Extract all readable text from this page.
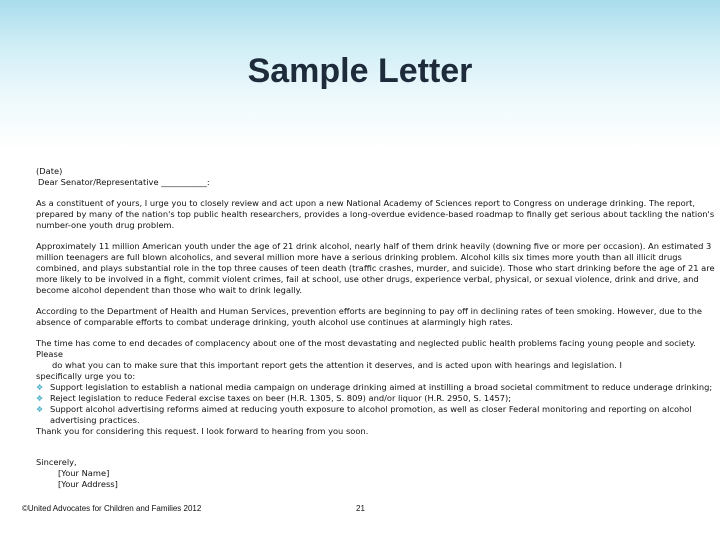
Sample Letter

(Date)

Dear Senator/Representative ___________:

As a constituent of yours, I urge you to closely review and act upon a new National Academy of Sciences report to Congress on underage drinking. The report, prepared by many of the nation's top public health researchers, provides a long-overdue evidence-based roadmap to finally get serious about tackling the nation's number-one youth drug problem.

Approximately 11 million American youth under the age of 21 drink alcohol, nearly half of them drink heavily (downing five or more per occasion). An estimated 3 million teenagers are full blown alcoholics, and several million more have a serious drinking problem. Alcohol kills six times more youth than all illicit drugs combined, and plays substantial role in the top three causes of teen death (traffic crashes, murder, and suicide). Those who start drinking before the age of 21 are more likely to be involved in a fight, commit violent crimes, fail at school, use other drugs, experience verbal, physical, or sexual violence, drink and drive, and become alcohol dependent than those who wait to drink legally.

According to the Department of Health and Human Services, prevention efforts are beginning to pay off in declining rates of teen smoking. However, due to the absence of comparable efforts to combat underage drinking, youth alcohol use continues at alarmingly high rates.

The time has come to end decades of complacency about one of the most devastating and neglected public health problems facing young people and society. Please

do what you can to make sure that this important report gets the attention it deserves, and is acted upon with hearings and legislation. I

specifically urge you to:

❖ Support legislation to establish a national media campaign on underage drinking aimed at instilling a broad societal commitment to reduce underage drinking;
❖ Reject legislation to reduce Federal excise taxes on beer (H.R. 1305, S. 809) and/or liquor (H.R. 2950, S. 1457);
❖ Support alcohol advertising reforms aimed at reducing youth exposure to alcohol promotion, as well as closer Federal monitoring and reporting on alcohol

advertising practices.

Thank you for considering this request. I look forward to hearing from you soon.

Sincerely,

[Your Name]

[Your Address]

©United Advocates for Children and Families 2012	21
